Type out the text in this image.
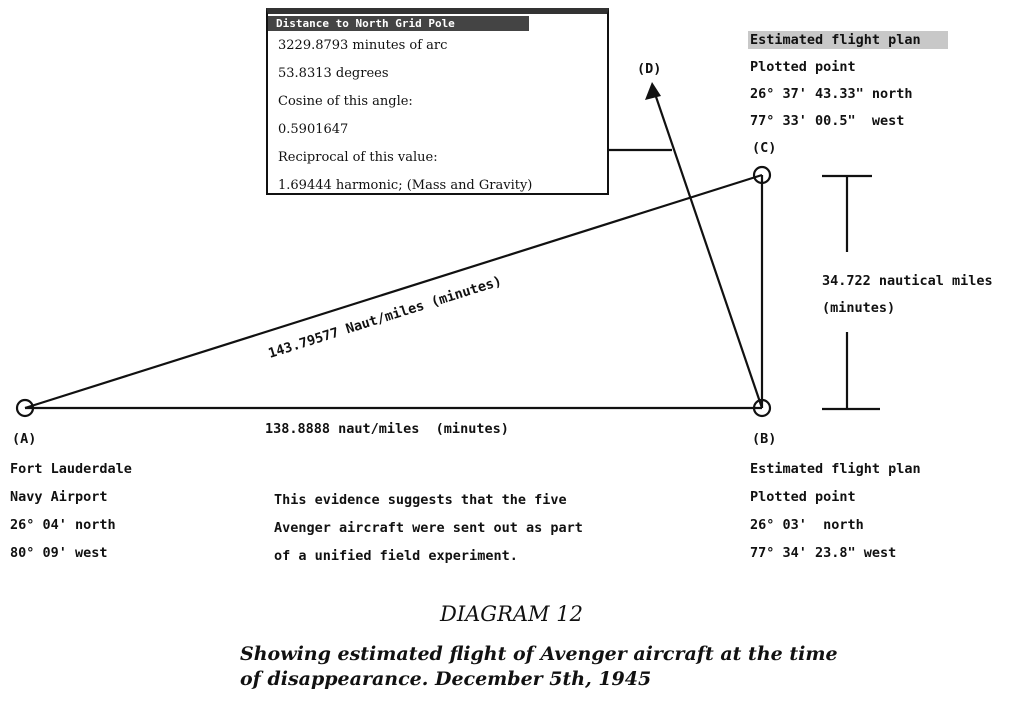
143.79577 Naut/miles (minutes)
Distance to North Grid Pole
3229.8793 minutes of arc
53.8313 degrees
Cosine of this angle:
0.5901647
Reciprocal of this value:
1.69444 harmonic; (Mass and Gravity)
(D)
Estimated flight plan
Plotted point
26° 37' 43.33" north
77° 33' 00.5"  west
(C)
34.722 nautical miles
(minutes)
138.8888 naut/miles  (minutes)
(A)
Fort Lauderdale
Navy Airport
26° 04' north
80° 09' west
(B)
Estimated flight plan
Plotted point
26° 03'  north
77° 34' 23.8" west
This evidence suggests that the five
Avenger aircraft were sent out as part
of a unified field experiment.
DIAGRAM 12
Showing estimated flight of Avenger aircraft at the time
of disappearance. December 5th, 1945
